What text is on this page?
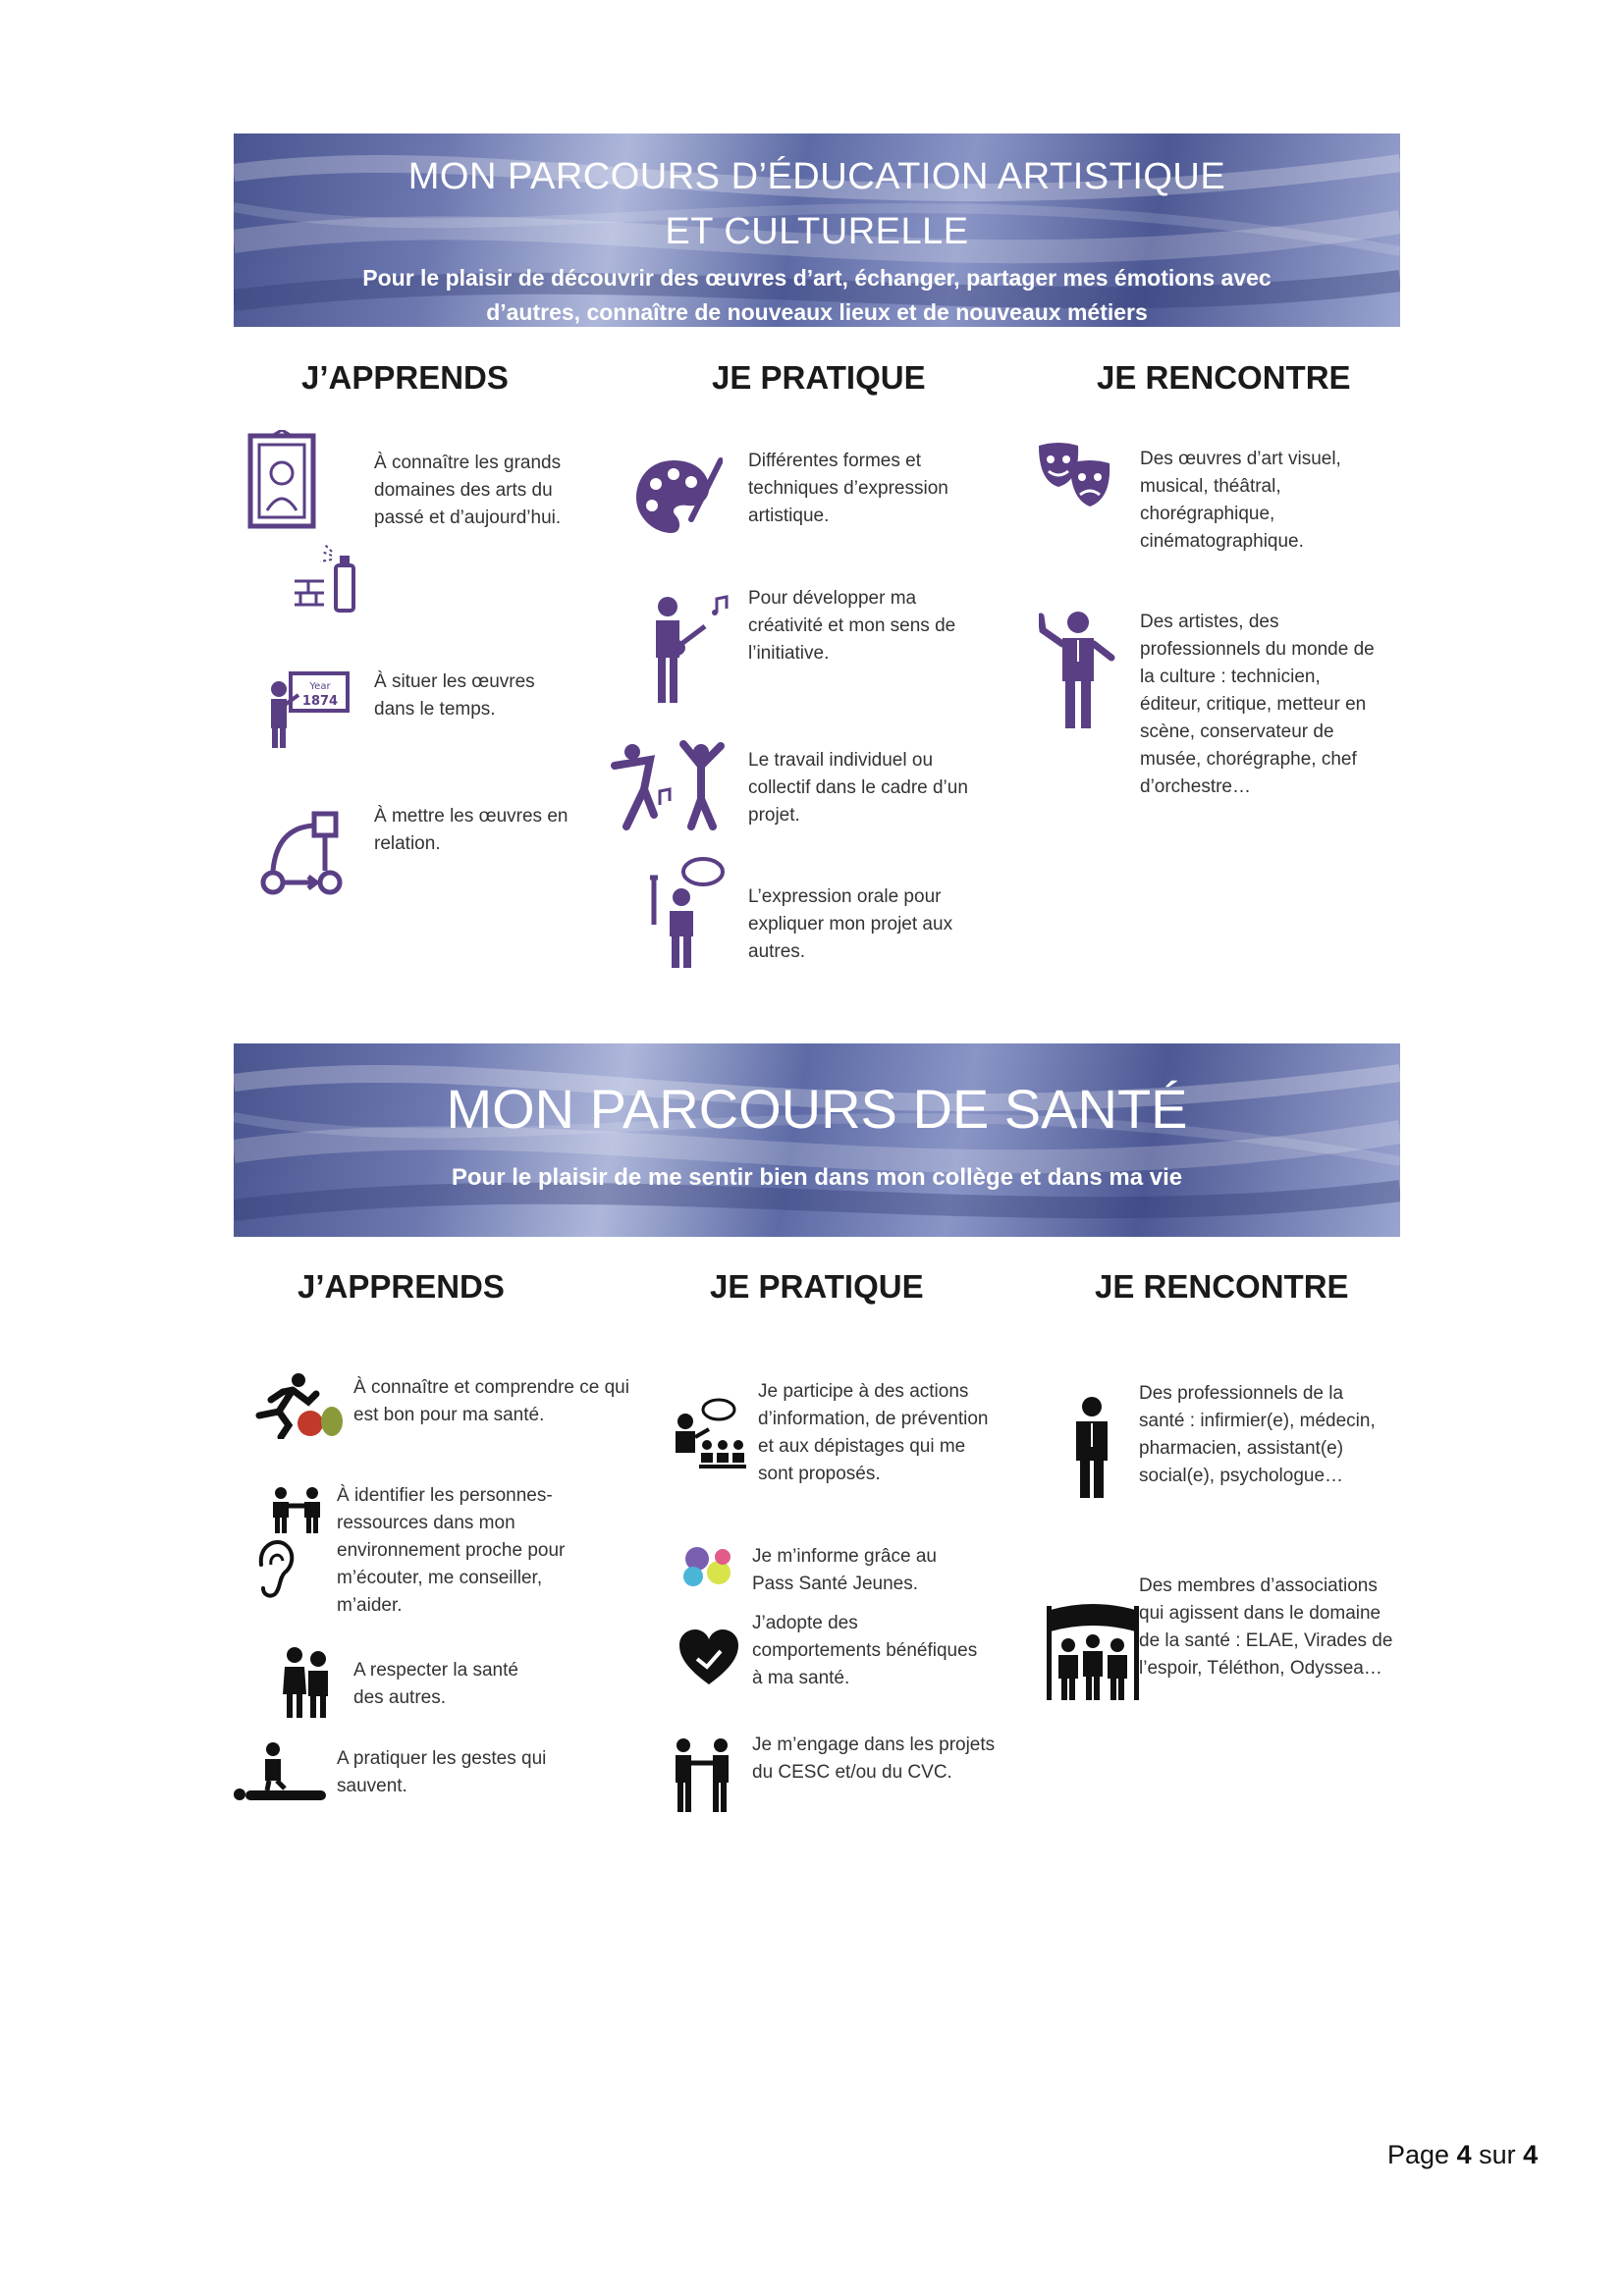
MON PARCOURS D’ÉDUCATION ARTISTIQUE ET CULTURELLE
Pour le plaisir de découvrir des œuvres d’art, échanger, partager mes émotions avec
d’autres, connaître de nouveaux lieux et de nouveaux métiers
J’APPRENDS	JE PRATIQUE	JE RENCONTRE
À connaître les grands domaines des arts du passé et d’aujourd’hui.
Year
1874
À situer les œuvres dans le temps.
À mettre les œuvres en relation.
Différentes formes et techniques d’expression artistique.
Pour développer ma créativité et mon sens de l’initiative.
Le travail individuel ou collectif dans le cadre d’un projet.
L’expression orale pour expliquer mon projet aux autres.
Des œuvres d’art visuel, musical, théâtral, chorégraphique, cinématographique.
Des artistes, des professionnels du monde de la culture : technicien, éditeur, critique, metteur en scène, conservateur de musée, chorégraphe, chef d’orchestre…
MON PARCOURS DE SANTÉ
Pour le plaisir de me sentir bien dans mon collège et dans ma vie
J’APPRENDS	JE PRATIQUE	JE RENCONTRE
À connaître et comprendre ce qui est bon pour ma santé.
À identifier les personnes-ressources dans mon environnement proche pour m’écouter, me conseiller, m’aider.
A respecter la santé des autres.
A pratiquer les gestes qui sauvent.
Je participe à des actions d’information, de prévention et aux dépistages qui me sont proposés.
Je m’informe grâce au Pass Santé Jeunes.
J’adopte des comportements bénéfiques à ma santé.
Je m’engage dans les projets du CESC et/ou du CVC.
Des professionnels de la santé : infirmier(e), médecin, pharmacien, assistant(e) social(e), psychologue…
Des membres d’associations qui agissent dans le domaine de la santé : ELAE, Virades de l’espoir, Téléthon, Odyssea…
Page 4 sur 4
